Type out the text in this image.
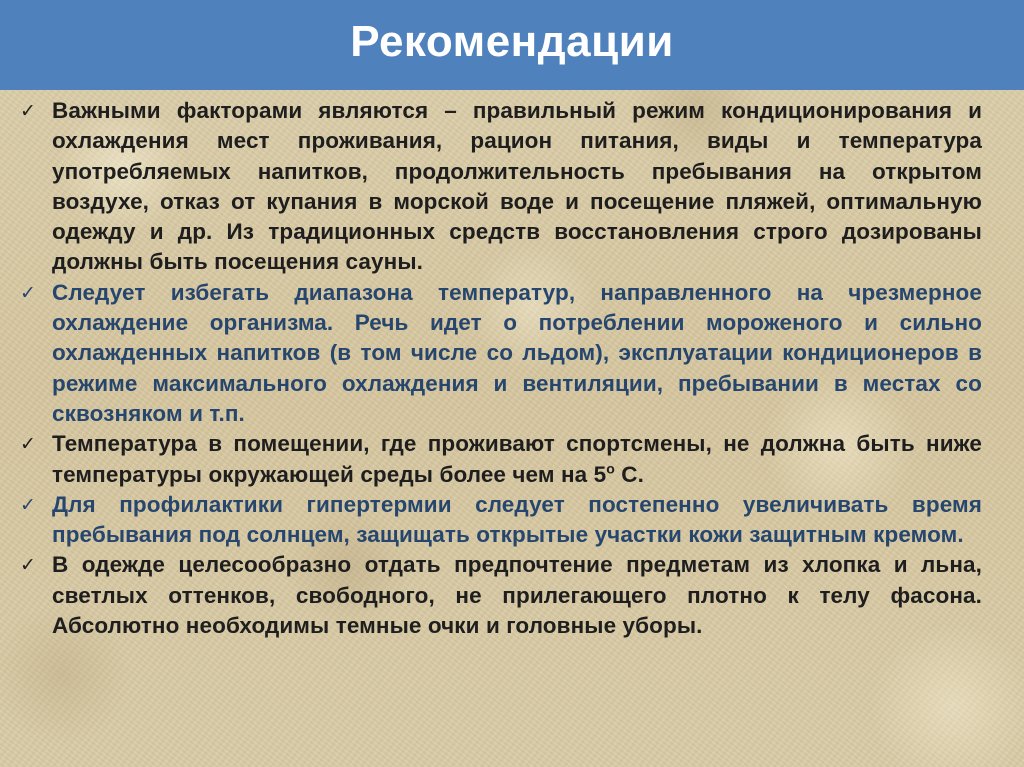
Рекомендации
✓ Важными факторами являются – правильный режим кондиционирования и охлаждения мест проживания, рацион питания, виды и температура употребляемых напитков, продолжительность пребывания на открытом воздухе, отказ от купания в морской воде и посещение пляжей, оптимальную одежду и др. Из традиционных средств восстановления строго дозированы должны быть посещения сауны.
✓ Следует избегать диапазона температур, направленного на чрезмерное охлаждение организма. Речь идет о потреблении мороженого и сильно охлажденных напитков (в том числе со льдом), эксплуатации кондиционеров в режиме максимального охлаждения и вентиляции, пребывании в местах со сквозняком и т.п.
✓ Температура в помещении, где проживают спортсмены, не должна быть ниже температуры окружающей среды более чем на $5^о$ С.
✓ Для профилактики гипертермии следует постепенно увеличивать время пребывания под солнцем, защищать открытые участки кожи защитным кремом.
✓ В одежде целесообразно отдать предпочтение предметам из хлопка и льна, светлых оттенков, свободного, не прилегающего плотно к телу фасона. Абсолютно необходимы темные очки и головные уборы.
